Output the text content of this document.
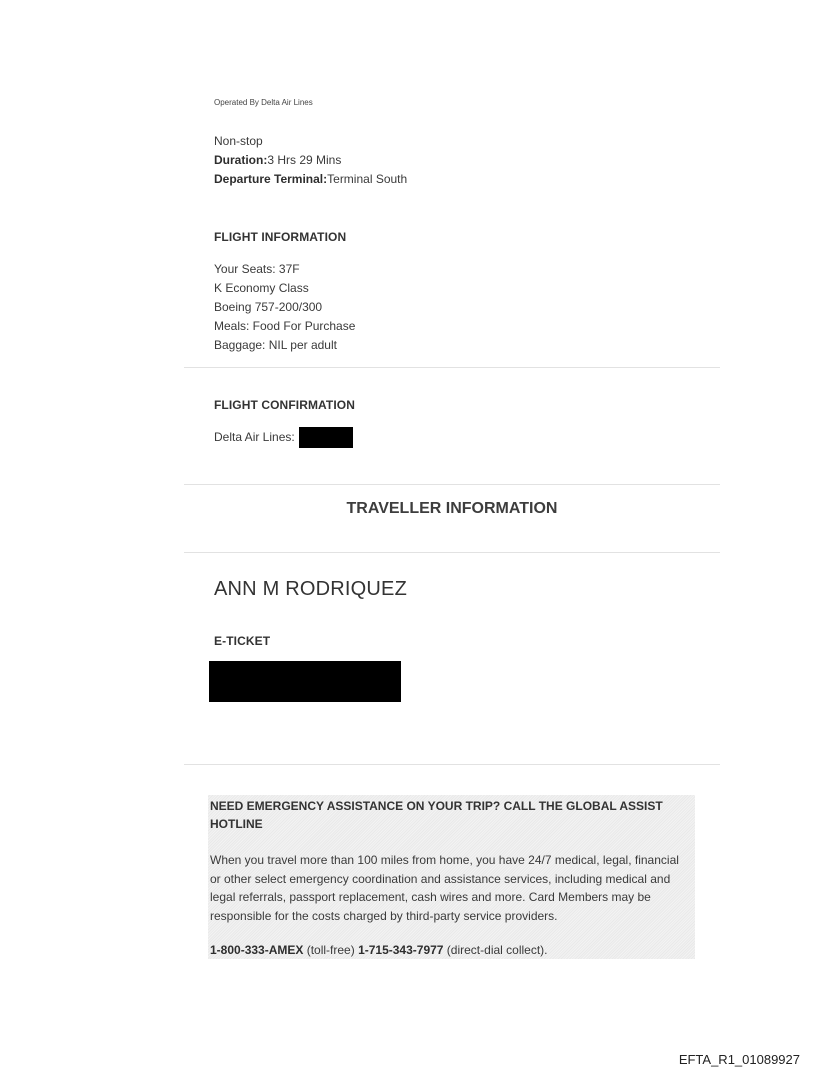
Operated By Delta Air Lines
Non-stop
Duration:3 Hrs 29 Mins
Departure Terminal:Terminal South
FLIGHT INFORMATION
Your Seats: 37F
K Economy Class
Boeing 757-200/300
Meals: Food For Purchase
Baggage: NIL per adult
FLIGHT CONFIRMATION
Delta Air Lines:
TRAVELLER INFORMATION
ANN M RODRIQUEZ
E-TICKET
NEED EMERGENCY ASSISTANCE ON YOUR TRIP? CALL THE GLOBAL ASSIST HOTLINE
When you travel more than 100 miles from home, you have 24/7 medical, legal, financial or other select emergency coordination and assistance services, including medical and legal referrals, passport replacement, cash wires and more. Card Members may be responsible for the costs charged by third-party service providers.
1-800-333-AMEX (toll-free) 1-715-343-7977 (direct-dial collect).
EFTA_R1_01089927
